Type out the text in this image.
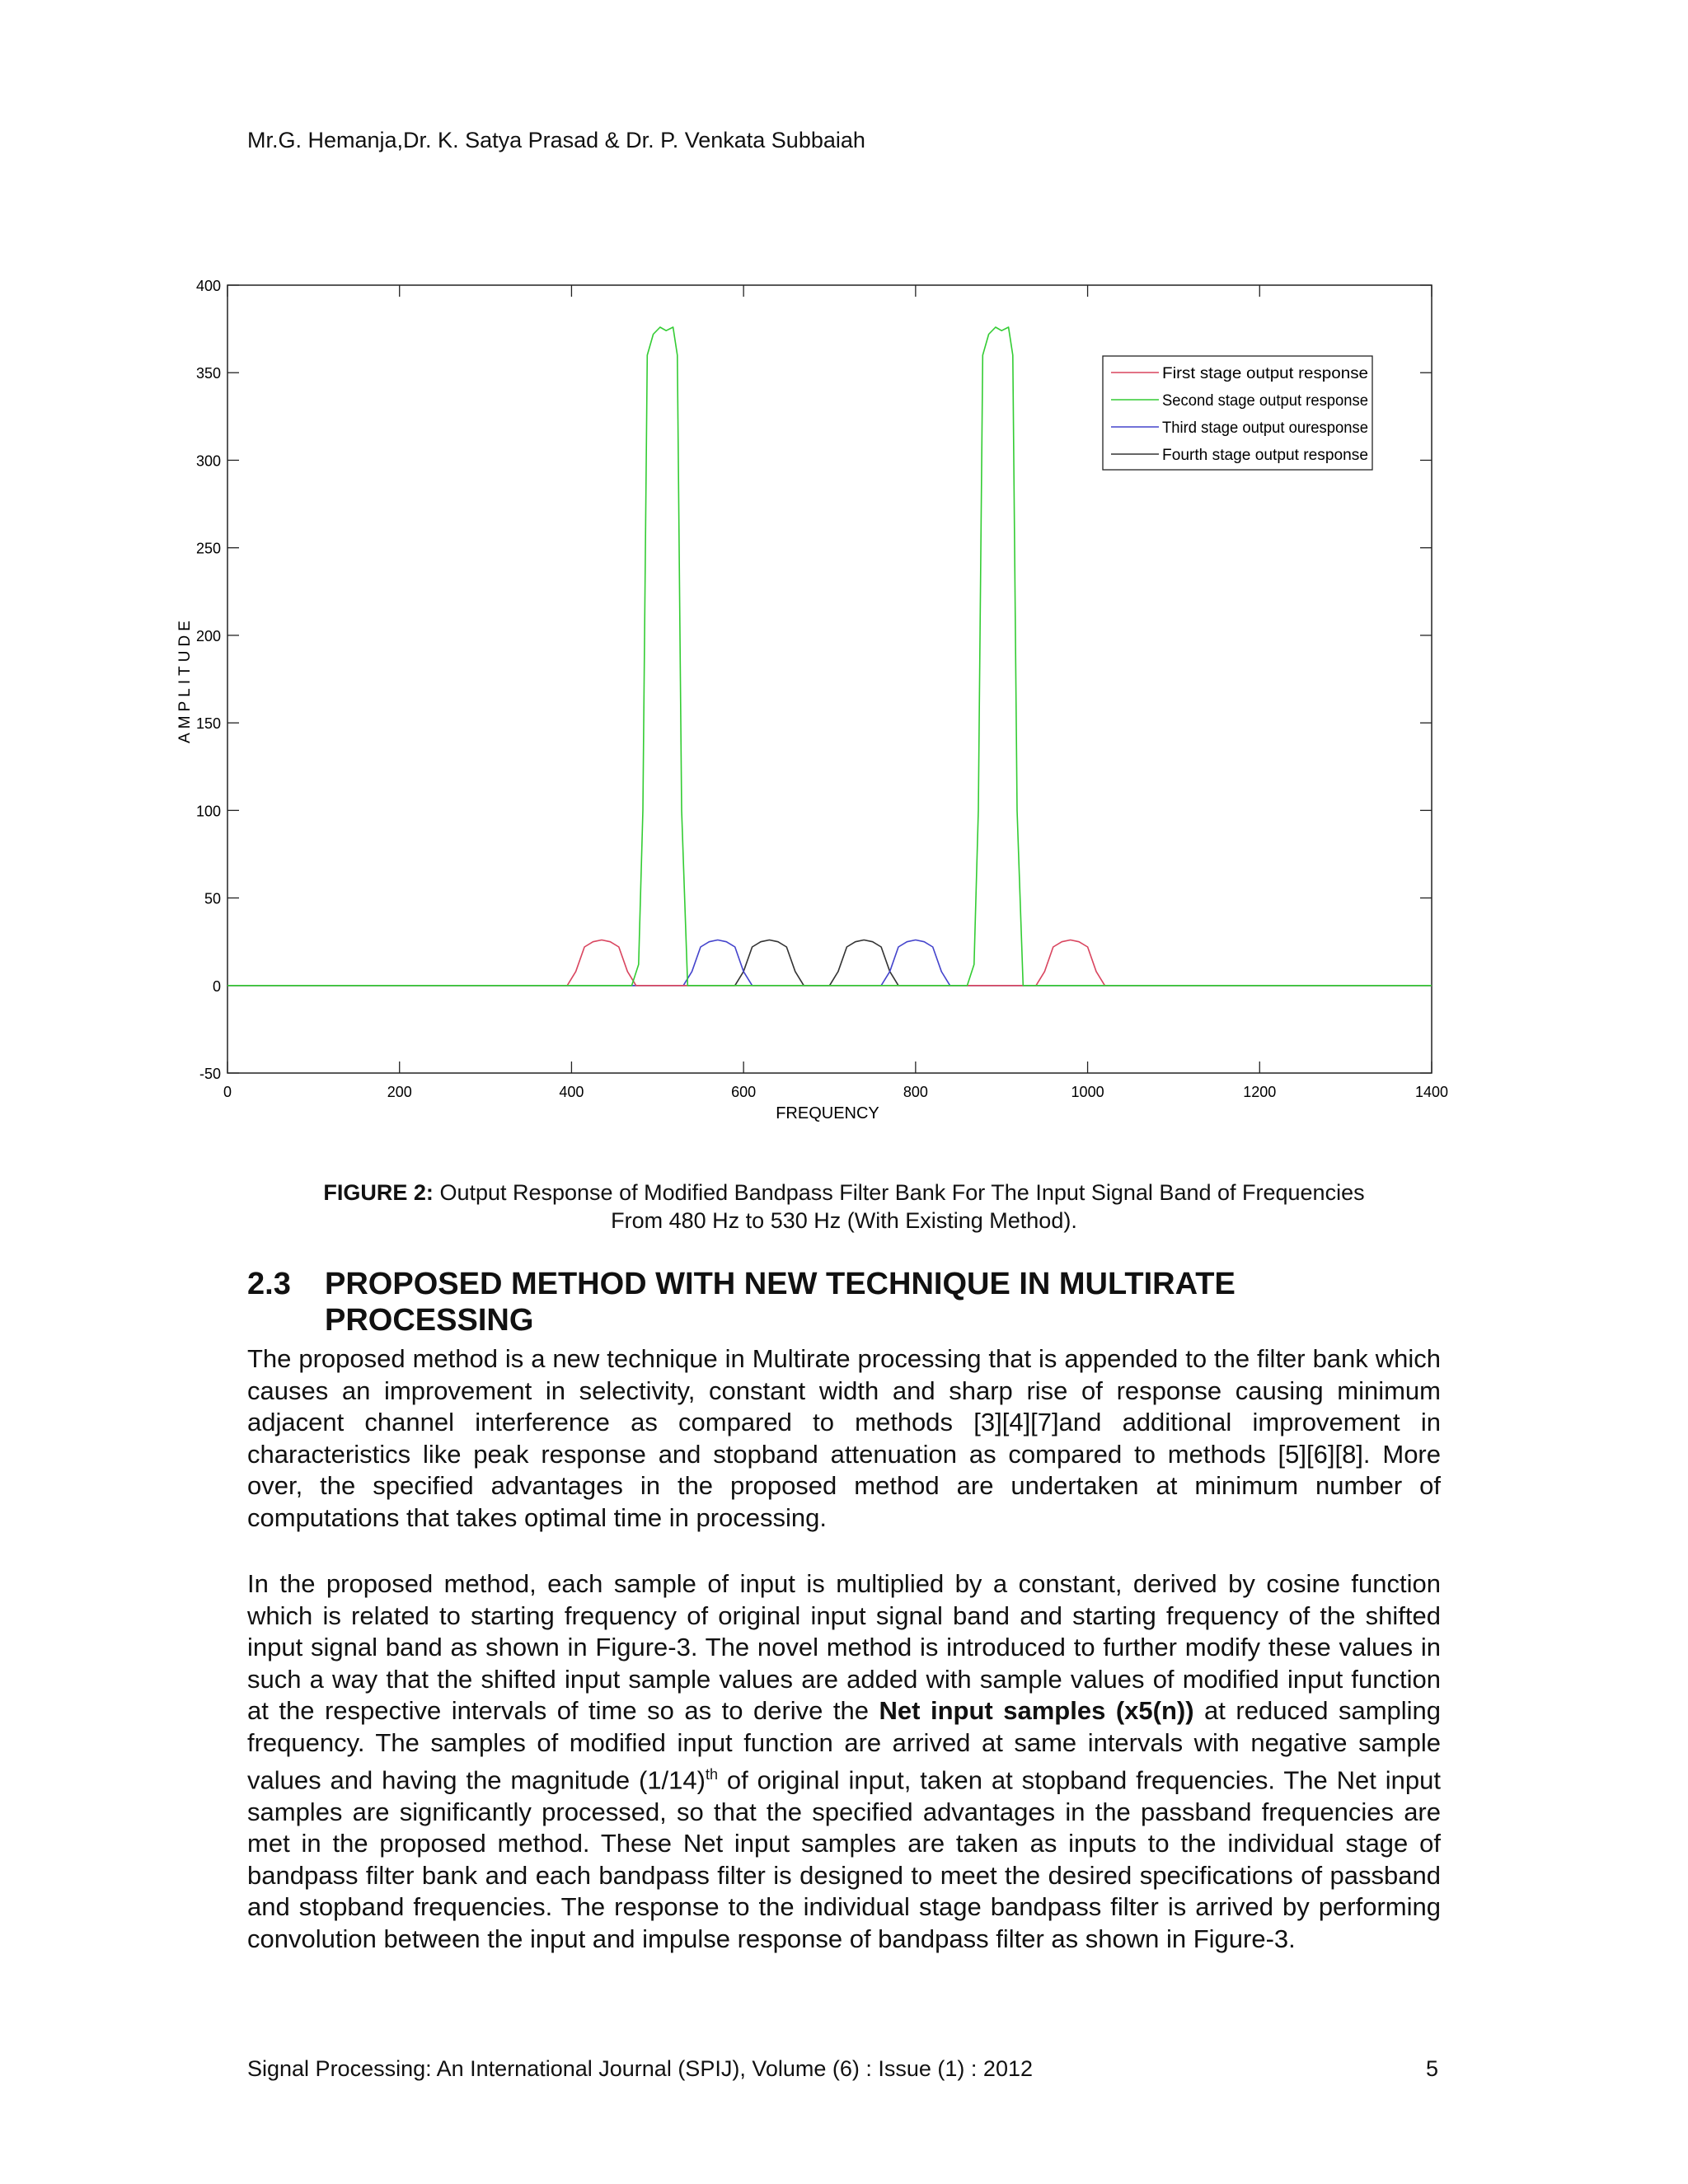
Mr.G. Hemanja,Dr. K. Satya Prasad & Dr. P. Venkata Subbaiah
-50
0
50
100
150
200
250
300
350
400
0	200	400	600	800	1000	1200	1400
First stage output response
Second stage output response
Third stage output ouresponse
Fourth stage output response
FREQUENCY
AMPLITUDE
FIGURE 2: Output Response of Modified Bandpass Filter Bank For The Input Signal Band of Frequencies
From 480 Hz to 530 Hz (With Existing Method).
2.3 PROPOSED METHOD WITH NEW TECHNIQUE IN MULTIRATE PROCESSING
The proposed method is a new technique in Multirate processing that is appended to the filter bank which causes an improvement in selectivity, constant width and sharp rise of response causing minimum adjacent channel interference as compared to methods [3][4][7]and additional improvement in characteristics like peak response and stopband attenuation as compared to methods [5][6][8]. More over, the specified advantages in the proposed method are undertaken at minimum number of computations that takes optimal time in processing.
In the proposed method, each sample of input is multiplied by a constant, derived by cosine function which is related to starting frequency of original input signal band and starting frequency of the shifted input signal band as shown in Figure-3. The novel method is introduced to further modify these values in such a way that the shifted input sample values are added with sample values of modified input function at the respective intervals of time so as to derive the Net input samples (x5(n)) at reduced sampling frequency. The samples of modified input function are arrived at same intervals with negative sample values and having the magnitude $(1/14)^{th}$ of original input, taken at stopband frequencies. The Net input samples are significantly processed, so that the specified advantages in the passband frequencies are met in the proposed method. These Net input samples are taken as inputs to the individual stage of bandpass filter bank and each bandpass filter is designed to meet the desired specifications of passband and stopband frequencies. The response to the individual stage bandpass filter is arrived by performing convolution between the input and impulse response of bandpass filter as shown in Figure-3.
Signal Processing: An International Journal (SPIJ), Volume (6) : Issue (1) : 2012	5
